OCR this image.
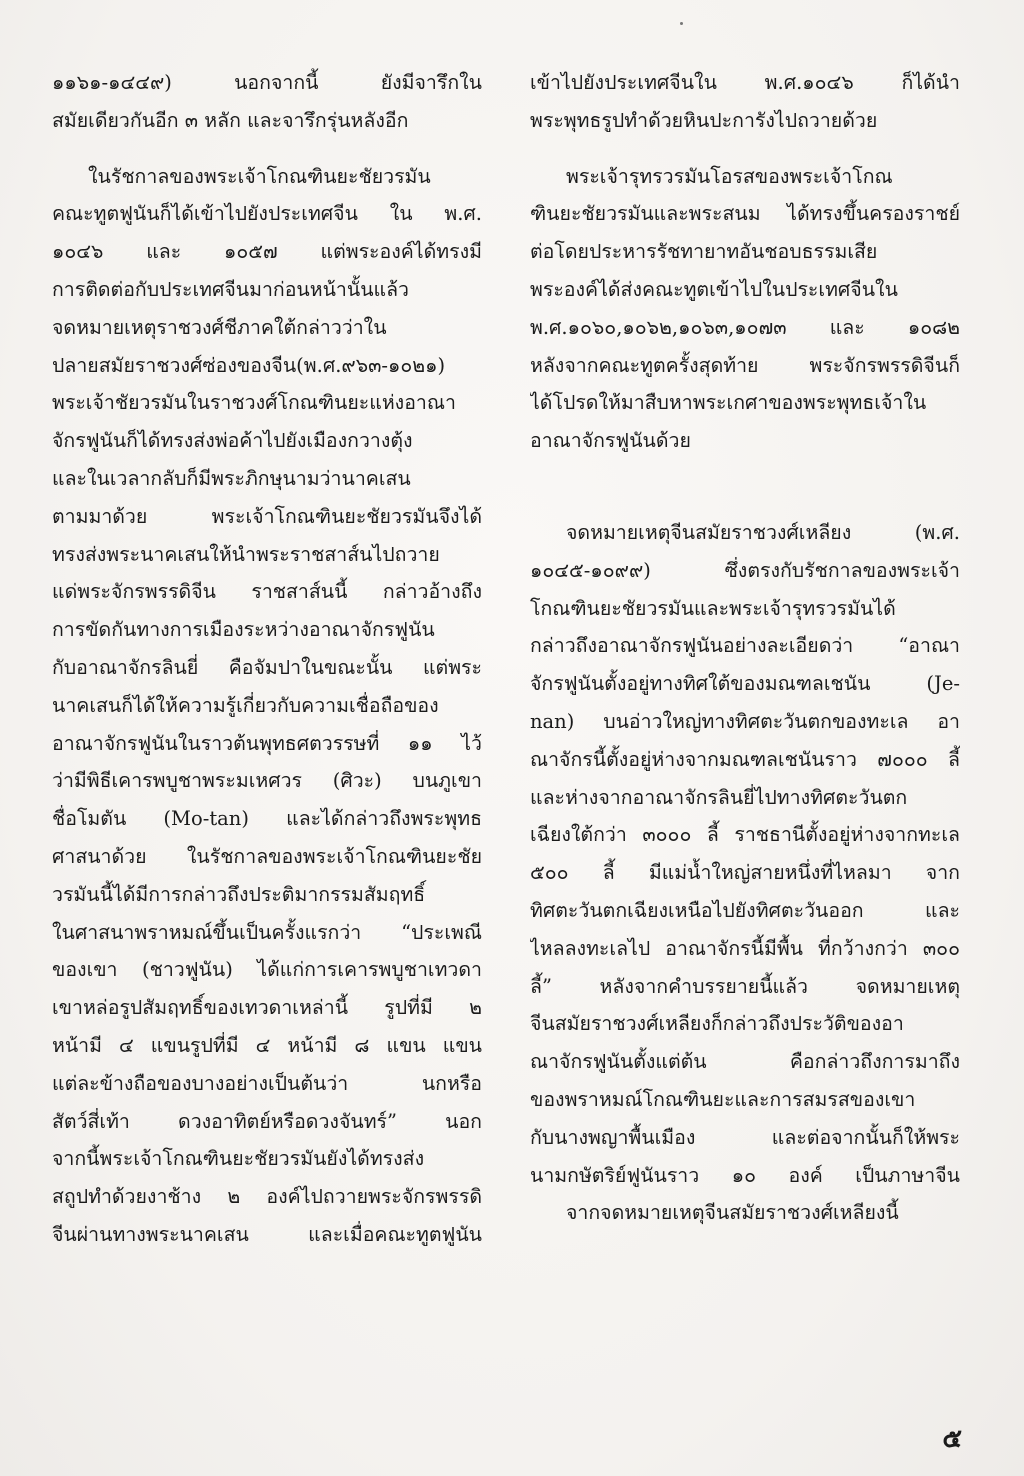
๑๑๖๑-๑๔๔๙) นอกจากนี้ ยังมีจารึกใน
สมัยเดียวกันอีก ๓ หลัก และจารึกรุ่นหลังอีก
ในรัชกาลของพระเจ้าโกณฑินยะชัยวรมัน
คณะทูตฟูนันก็ได้เข้าไปยังประเทศจีน ใน พ.ศ.
๑๐๔๖ และ ๑๐๕๗ แต่พระองค์ได้ทรงมี
การติดต่อกับประเทศจีนมาก่อนหน้านั้นแล้ว
จดหมายเหตุราชวงศ์ชีภาคใต้กล่าวว่าใน
ปลายสมัยราชวงศ์ซ่องของจีน(พ.ศ.๙๖๓-๑๐๒๑)
พระเจ้าชัยวรมันในราชวงศ์โกณฑินยะแห่งอาณา
จักรฟูนันก็ได้ทรงส่งพ่อค้าไปยังเมืองกวางตุ้ง
และในเวลากลับก็มีพระภิกษุนามว่านาคเสน
ตามมาด้วย พระเจ้าโกณฑินยะชัยวรมันจึงได้
ทรงส่งพระนาคเสนให้นำพระราชสาส์นไปถวาย
แด่พระจักรพรรดิจีน ราชสาส์นนี้ กล่าวอ้างถึง
การขัดกันทางการเมืองระหว่างอาณาจักรฟูนัน
กับอาณาจักรลินยี่ คือจัมปาในขณะนั้น แต่พระ
นาคเสนก็ได้ให้ความรู้เกี่ยวกับความเชื่อถือของ
อาณาจักรฟูนันในราวต้นพุทธศตวรรษที่ ๑๑ ไว้
ว่ามีพิธีเคารพบูชาพระมเหศวร (ศิวะ) บนภูเขา
ชื่อโมตัน (Mo-tan) และได้กล่าวถึงพระพุทธ
ศาสนาด้วย ในรัชกาลของพระเจ้าโกณฑินยะชัย
วรมันนี้ได้มีการกล่าวถึงประติมากรรมสัมฤทธิ์
ในศาสนาพราหมณ์ขึ้นเป็นครั้งแรกว่า “ประเพณี
ของเขา (ชาวฟูนัน) ได้แก่การเคารพบูชาเทวดา
เขาหล่อรูปสัมฤทธิ์ของเทวดาเหล่านี้ รูปที่มี ๒
หน้ามี ๔ แขนรูปที่มี ๔ หน้ามี ๘ แขน แขน
แต่ละข้างถือของบางอย่างเป็นต้นว่า นกหรือ
สัตว์สี่เท้า ดวงอาทิตย์หรือดวงจันทร์” นอก
จากนี้พระเจ้าโกณฑินยะชัยวรมันยังได้ทรงส่ง
สถูปทำด้วยงาช้าง ๒ องค์ไปถวายพระจักรพรรดิ
จีนผ่านทางพระนาคเสน และเมื่อคณะทูตฟูนัน
เข้าไปยังประเทศจีนใน พ.ศ.๑๐๔๖ ก็ได้นำ
พระพุทธรูปทำด้วยหินปะการังไปถวายด้วย
พระเจ้ารุทรวรมันโอรสของพระเจ้าโกณ
ฑินยะชัยวรมันและพระสนม ได้ทรงขึ้นครองราชย์
ต่อโดยประหารรัชทายาทอันชอบธรรมเสีย
พระองค์ได้ส่งคณะทูตเข้าไปในประเทศจีนใน
พ.ศ.๑๐๖๐,๑๐๖๒,๑๐๖๓,๑๐๗๓ และ ๑๐๘๒
หลังจากคณะทูตครั้งสุดท้าย พระจักรพรรดิจีนก็
ได้โปรดให้มาสืบหาพระเกศาของพระพุทธเจ้าใน
อาณาจักรฟูนันด้วย
จดหมายเหตุจีนสมัยราชวงศ์เหลียง (พ.ศ.
๑๐๔๕-๑๐๙๙) ซึ่งตรงกับรัชกาลของพระเจ้า
โกณฑินยะชัยวรมันและพระเจ้ารุทรวรมันได้
กล่าวถึงอาณาจักรฟูนันอย่างละเอียดว่า “อาณา
จักรฟูนันตั้งอยู่ทางทิศใต้ของมณฑลเชนัน (Je-
nan) บนอ่าวใหญ่ทางทิศตะวันตกของทะเล อา
ณาจักรนี้ตั้งอยู่ห่างจากมณฑลเชนันราว ๗๐๐๐ ลี้
และห่างจากอาณาจักรลินยี่ไปทางทิศตะวันตก
เฉียงใต้กว่า ๓๐๐๐ ลี้ ราชธานีตั้งอยู่ห่างจากทะเล
๕๐๐ ลี้ มีแม่น้ำใหญ่สายหนึ่งที่ไหลมา จาก
ทิศตะวันตกเฉียงเหนือไปยังทิศตะวันออก และ
ไหลลงทะเลไป อาณาจักรนี้มีพื้น ที่กว้างกว่า ๓๐๐
ลี้” หลังจากคำบรรยายนี้แล้ว จดหมายเหตุ
จีนสมัยราชวงศ์เหลียงก็กล่าวถึงประวัติของอา
ณาจักรฟูนันตั้งแต่ต้น คือกล่าวถึงการมาถึง
ของพราหมณ์โกณฑินยะและการสมรสของเขา
กับนางพญาพื้นเมือง และต่อจากนั้นก็ให้พระ
นามกษัตริย์ฟูนันราว ๑๐ องค์ เป็นภาษาจีน
จากจดหมายเหตุจีนสมัยราชวงศ์เหลียงนี้
๕
